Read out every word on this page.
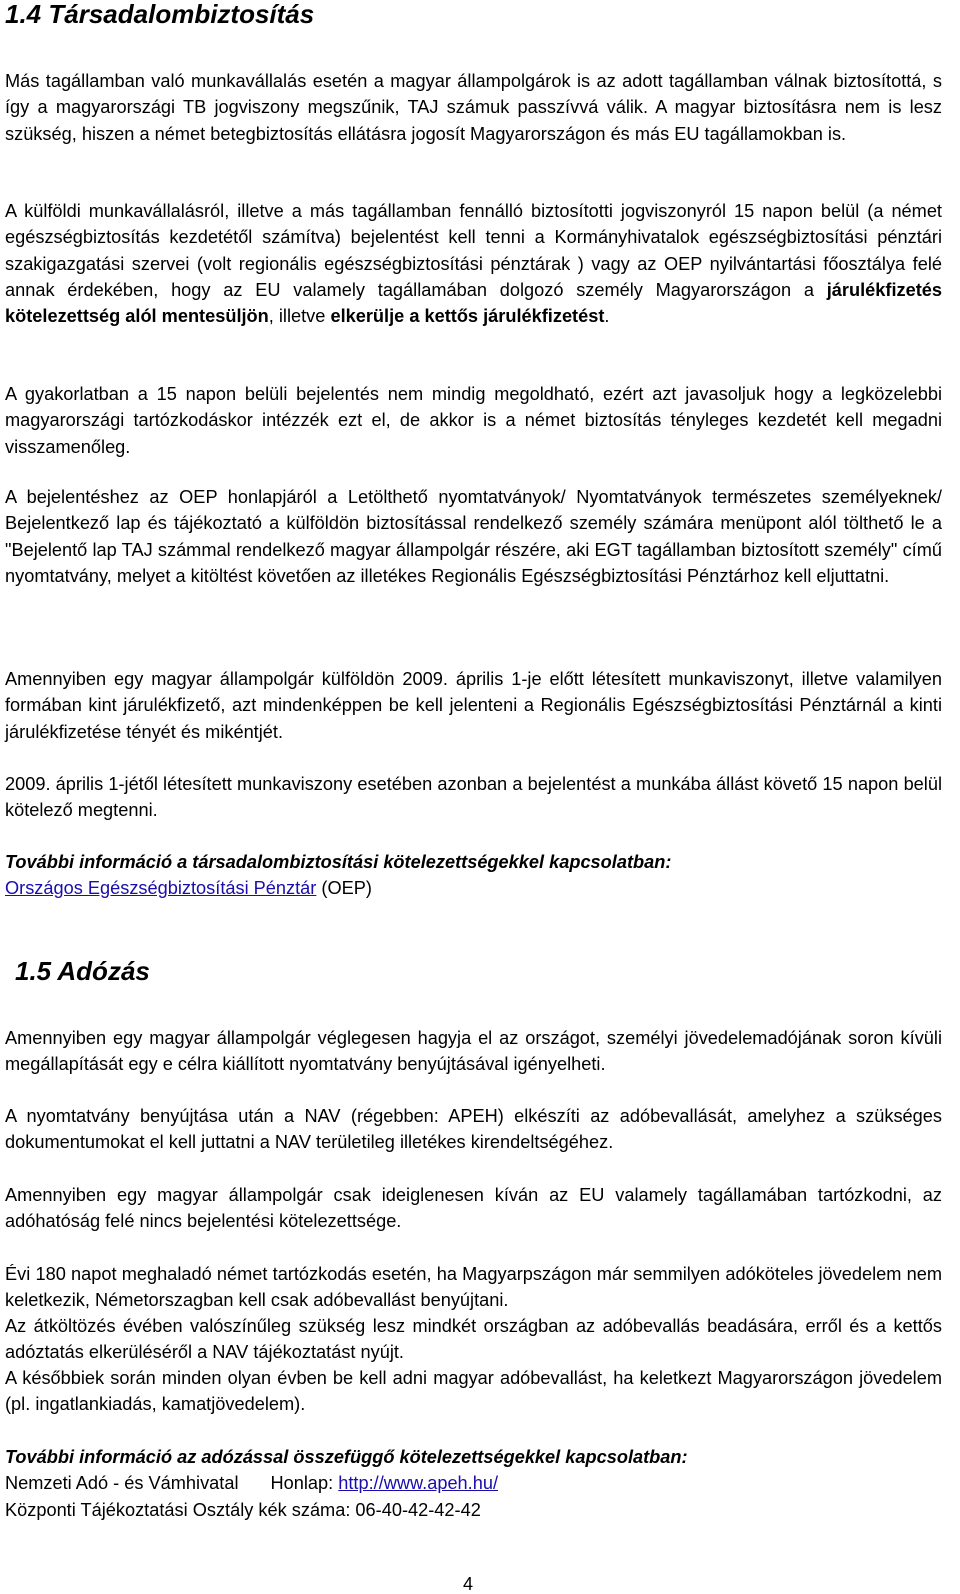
1.4 Társadalombiztosítás

Más tagállamban való munkavállalás esetén a magyar állampolgárok is az adott tagállamban válnak biztosítottá, s így a magyarországi TB jogviszony megszűnik, TAJ számuk passzívvá válik. A magyar biztosításra nem is lesz szükség, hiszen a német betegbiztosítás ellátásra jogosít Magyarországon és más EU tagállamokban is.

A külföldi munkavállalásról, illetve a más tagállamban fennálló biztosítotti jogviszonyról 15 napon belül (a német egészségbiztosítás kezdetétől számítva) bejelentést kell tenni a Kormányhivatalok egészségbiztosítási pénztári szakigazgatási szervei (volt regionális egészségbiztosítási pénztárak ) vagy az OEP nyilvántartási főosztálya felé annak érdekében, hogy az EU valamely tagállamában dolgozó személy Magyarországon a járulékfizetés kötelezettség alól mentesüljön, illetve elkerülje a kettős járulékfizetést.

A gyakorlatban a 15 napon belüli bejelentés nem mindig megoldható, ezért azt javasoljuk hogy a legközelebbi magyarországi tartózkodáskor intézzék ezt el, de akkor is a német biztosítás tényleges kezdetét kell megadni visszamenőleg.

A bejelentéshez az OEP honlapjáról a Letölthető nyomtatványok/ Nyomtatványok természetes személyeknek/ Bejelentkező lap és tájékoztató a külföldön biztosítással rendelkező személy számára menüpont alól tölthető le a "Bejelentő lap TAJ számmal rendelkező magyar állampolgár részére, aki EGT tagállamban biztosított személy" című nyomtatvány, melyet a kitöltést követően az illetékes Regionális Egészségbiztosítási Pénztárhoz kell eljuttatni.

Amennyiben egy magyar állampolgár külföldön 2009. április 1-je előtt létesített munkaviszonyt, illetve valamilyen formában kint járulékfizető, azt mindenképpen be kell jelenteni a Regionális Egészségbiztosítási Pénztárnál a kinti járulékfizetése tényét és mikéntjét.

2009. április 1-jétől létesített munkaviszony esetében azonban a bejelentést a munkába állást követő 15 napon belül kötelező megtenni.

További információ a társadalombiztosítási kötelezettségekkel kapcsolatban:
Országos Egészségbiztosítási Pénztár (OEP)

1.5 Adózás

Amennyiben egy magyar állampolgár véglegesen hagyja el az országot, személyi jövedelemadójának soron kívüli megállapítását egy e célra kiállított nyomtatvány benyújtásával igényelheti.

A nyomtatvány benyújtása után a NAV (régebben: APEH) elkészíti az adóbevallását, amelyhez a szükséges dokumentumokat el kell juttatni a NAV területileg illetékes kirendeltségéhez.

Amennyiben egy magyar állampolgár csak ideiglenesen kíván az EU valamely tagállamában tartózkodni, az adóhatóság felé nincs bejelentési kötelezettsége.

Évi 180 napot meghaladó német tartózkodás esetén, ha Magyarpszágon már semmilyen adóköteles jövedelem nem keletkezik, Németorszagban kell csak adóbevallást benyújtani.

Az átköltözés évében valószínűleg szükség lesz mindkét országban az adóbevallás beadására, erről és a kettős adóztatás elkerüléséről a NAV tájékoztatást nyújt.

A későbbiek során minden olyan évben be kell adni magyar adóbevallást, ha keletkezt Magyarországon jövedelem (pl. ingatlankiadás, kamatjövedelem).

További információ az adózással összefüggő kötelezettségekkel kapcsolatban:
Nemzeti Adó - és Vámhivatal Honlap: http://www.apeh.hu/
Központi Tájékoztatási Osztály kék száma: 06-40-42-42-42

4
